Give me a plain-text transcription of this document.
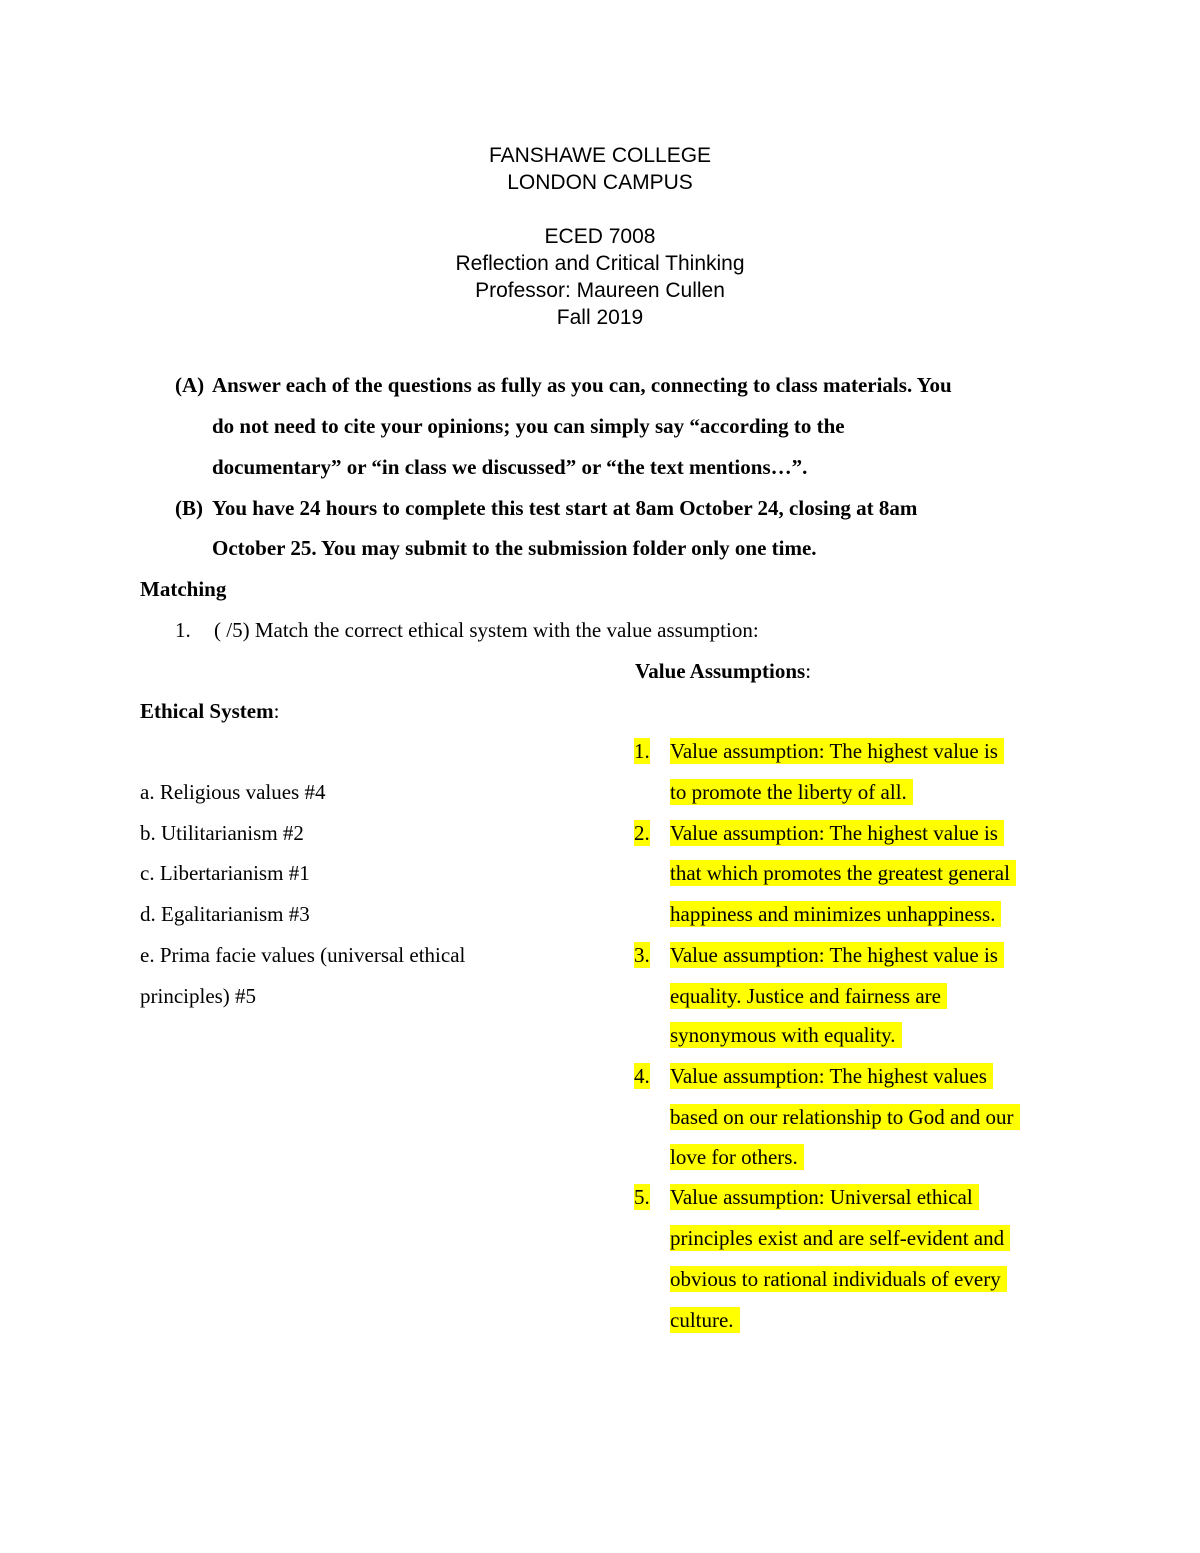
FANSHAWE COLLEGE
LONDON CAMPUS
ECED 7008
Reflection and Critical Thinking
Professor: Maureen Cullen
Fall 2019
(A) Answer each of the questions as fully as you can, connecting to class materials. You
do not need to cite your opinions; you can simply say “according to the
documentary” or “in class we discussed” or “the text mentions…”.
(B) You have 24 hours to complete this test start at 8am October 24, closing at 8am
October 25. You may submit to the submission folder only one time.
Matching
1. ( /5) Match the correct ethical system with the value assumption:
Value Assumptions:
Ethical System:
a. Religious values #4
b. Utilitarianism #2
c. Libertarianism #1
d. Egalitarianism #3
e. Prima facie values (universal ethical
principles) #5
1. Value assumption: The highest value is
to promote the liberty of all.
2. Value assumption: The highest value is
that which promotes the greatest general
happiness and minimizes unhappiness.
3. Value assumption: The highest value is
equality. Justice and fairness are
synonymous with equality.
4. Value assumption: The highest values
based on our relationship to God and our
love for others.
5. Value assumption: Universal ethical
principles exist and are self-evident and
obvious to rational individuals of every
culture.
